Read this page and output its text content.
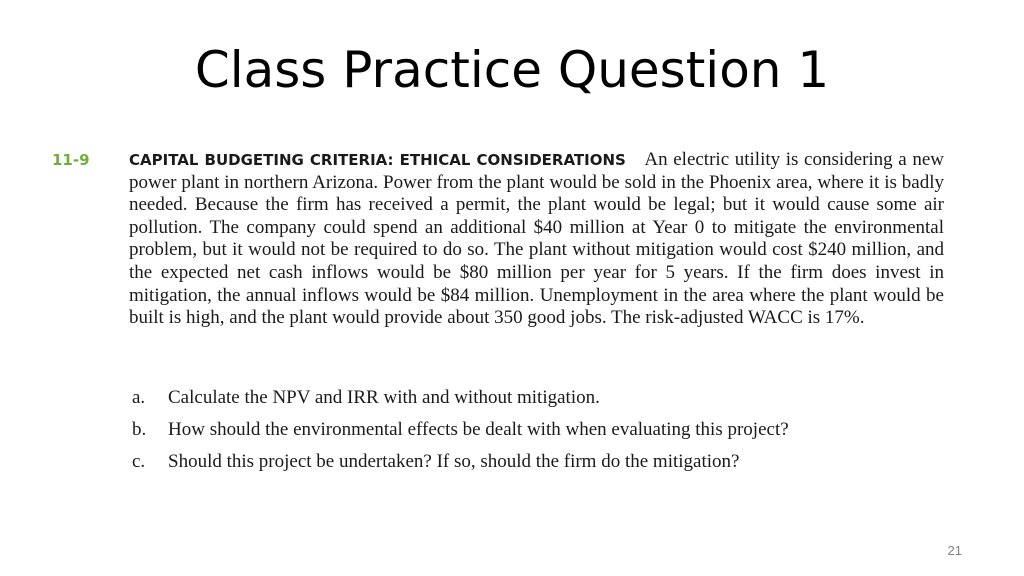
Class Practice Question 1
11-9	CAPITAL BUDGETING CRITERIA: ETHICAL CONSIDERATIONS An electric utility is considering a new power plant in northern Arizona. Power from the plant would be sold in the Phoenix area, where it is badly needed. Because the firm has received a permit, the plant would be legal; but it would cause some air pollution. The company could spend an additional $40 million at Year 0 to mitigate the environmental problem, but it would not be required to do so. The plant without mitigation would cost $240 million, and the expected net cash inflows would be $80 million per year for 5 years. If the firm does invest in mitigation, the annual inflows would be $84 million. Unemployment in the area where the plant would be built is high, and the plant would provide about 350 good jobs. The risk-adjusted WACC is 17%.
a.	Calculate the NPV and IRR with and without mitigation.
b.	How should the environmental effects be dealt with when evaluating this project?
c.	Should this project be undertaken? If so, should the firm do the mitigation?
21
